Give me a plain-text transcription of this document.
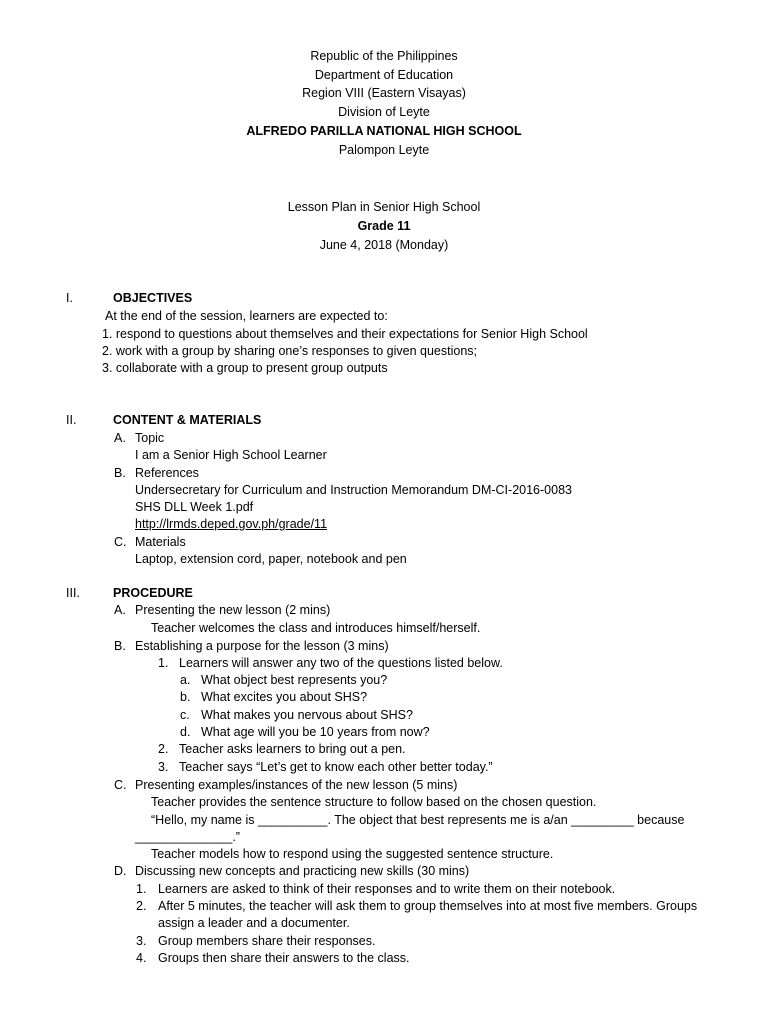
Republic of the Philippines
Department of Education
Region VIII (Eastern Visayas)
Division of Leyte
ALFREDO PARILLA NATIONAL HIGH SCHOOL
Palompon Leyte
Lesson Plan in Senior High School
Grade 11
June 4, 2018 (Monday)
I.	OBJECTIVES
At the end of the session, learners are expected to:
1. respond to questions about themselves and their expectations for Senior High School
2. work with a group by sharing one’s responses to given questions;
3. collaborate with a group to present group outputs
II.	CONTENT & MATERIALS
A. Topic
I am a Senior High School Learner
B. References
Undersecretary for Curriculum and Instruction Memorandum DM-CI-2016-0083
SHS DLL Week 1.pdf
http://lrmds.deped.gov.ph/grade/11
C. Materials
Laptop, extension cord, paper, notebook and pen
III.	PROCEDURE
A. Presenting the new lesson (2 mins)
Teacher welcomes the class and introduces himself/herself.
B. Establishing a purpose for the lesson (3 mins)
1. Learners will answer any two of the questions listed below.
a. What object best represents you?
b. What excites you about SHS?
c. What makes you nervous about SHS?
d. What age will you be 10 years from now?
2. Teacher asks learners to bring out a pen.
3. Teacher says “Let’s get to know each other better today.”
C. Presenting examples/instances of the new lesson (5 mins)
Teacher provides the sentence structure to follow based on the chosen question.
“Hello, my name is __________. The object that best represents me is a/an _________ because
______________.”
Teacher models how to respond using the suggested sentence structure.
D. Discussing new concepts and practicing new skills (30 mins)
1. Learners are asked to think of their responses and to write them on their notebook.
2. After 5 minutes, the teacher will ask them to group themselves into at most five members. Groups
assign a leader and a documenter.
3. Group members share their responses.
4. Groups then share their answers to the class.
